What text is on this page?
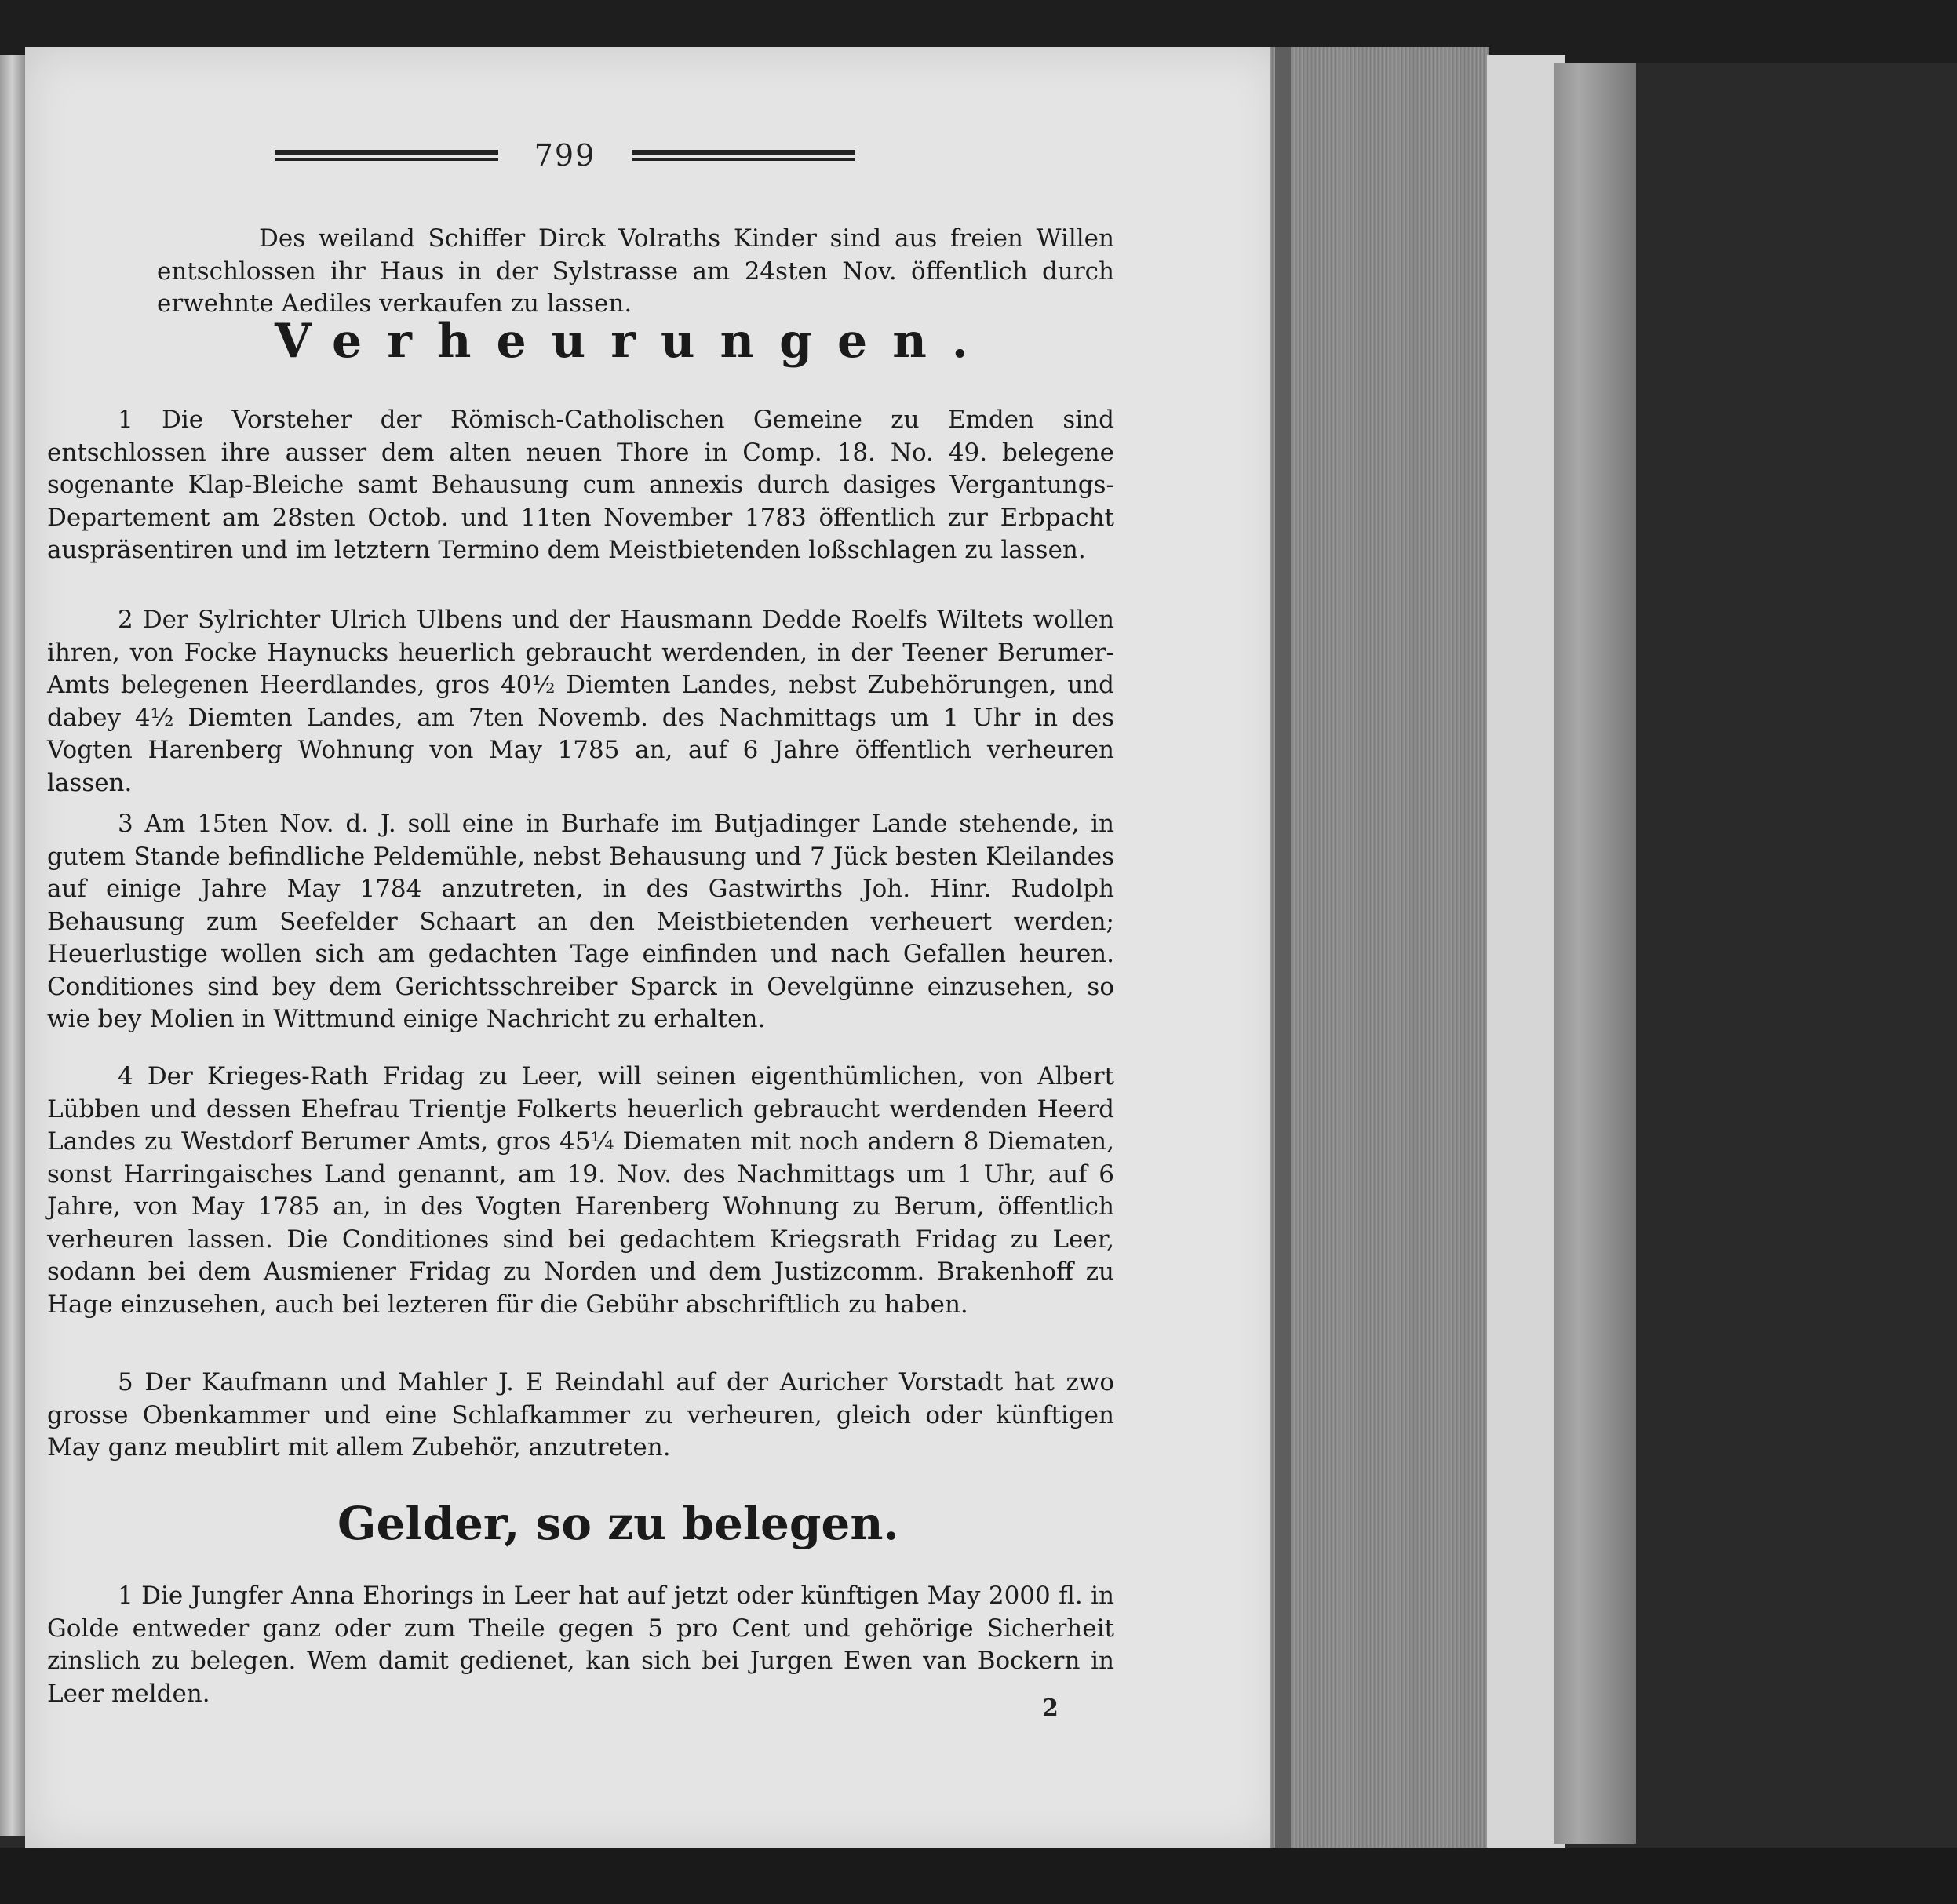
799

Des weiland Schiffer Dirck Volraths Kinder sind aus freien Willen entschlossen ihr Haus in der Sylstrasse am 24sten Nov. öffentlich durch erwehnte Aediles verkaufen zu lassen.

Verheurungen.

1 Die Vorsteher der Römisch-Catholischen Gemeine zu Emden sind entschlossen ihre ausser dem alten neuen Thore in Comp. 18. No. 49. belegene sogenante Klap-Bleiche samt Behausung cum annexis durch dasiges Vergantungs-Departement am 28sten Octob. und 11ten November 1783 öffentlich zur Erbpacht auspräsentiren und im letztern Termino dem Meistbietenden loßschlagen zu lassen.

2 Der Sylrichter Ulrich Ulbens und der Hausmann Dedde Roelfs Wiltets wollen ihren, von Focke Haynucks heuerlich gebraucht werdenden, in der Teener Berumer-Amts belegenen Heerdlandes, gros 40½ Diemten Landes, nebst Zubehörungen, und dabey 4½ Diemten Landes, am 7ten Novemb. des Nachmittags um 1 Uhr in des Vogten Harenberg Wohnung von May 1785 an, auf 6 Jahre öffentlich verheuren lassen.

3 Am 15ten Nov. d. J. soll eine in Burhafe im Butjadinger Lande stehende, in gutem Stande befindliche Peldemühle, nebst Behausung und 7 Jück besten Kleilandes auf einige Jahre May 1784 anzutreten, in des Gastwirths Joh. Hinr. Rudolph Behausung zum Seefelder Schaart an den Meistbietenden verheuert werden; Heuerlustige wollen sich am gedachten Tage einfinden und nach Gefallen heuren. Conditiones sind bey dem Gerichtsschreiber Sparck in Oevelgünne einzusehen, so wie bey Molien in Wittmund einige Nachricht zu erhalten.

4 Der Krieges-Rath Fridag zu Leer, will seinen eigenthümlichen, von Albert Lübben und dessen Ehefrau Trientje Folkerts heuerlich gebraucht werdenden Heerd Landes zu Westdorf Berumer Amts, gros 45¼ Diematen mit noch andern 8 Diematen, sonst Harringaisches Land genannt, am 19. Nov. des Nachmittags um 1 Uhr, auf 6 Jahre, von May 1785 an, in des Vogten Harenberg Wohnung zu Berum, öffentlich verheuren lassen. Die Conditiones sind bei gedachtem Kriegsrath Fridag zu Leer, sodann bei dem Ausmiener Fridag zu Norden und dem Justizcomm. Brakenhoff zu Hage einzusehen, auch bei lezteren für die Gebühr abschriftlich zu haben.

5 Der Kaufmann und Mahler J. E Reindahl auf der Auricher Vorstadt hat zwo grosse Obenkammer und eine Schlafkammer zu verheuren, gleich oder künftigen May ganz meublirt mit allem Zubehör, anzutreten.

Gelder, so zu belegen.

1 Die Jungfer Anna Ehorings in Leer hat auf jetzt oder künftigen May 2000 fl. in Golde entweder ganz oder zum Theile gegen 5 pro Cent und gehörige Sicherheit zinslich zu belegen. Wem damit gedienet, kan sich bei Jurgen Ewen van Bockern in Leer melden.

2
